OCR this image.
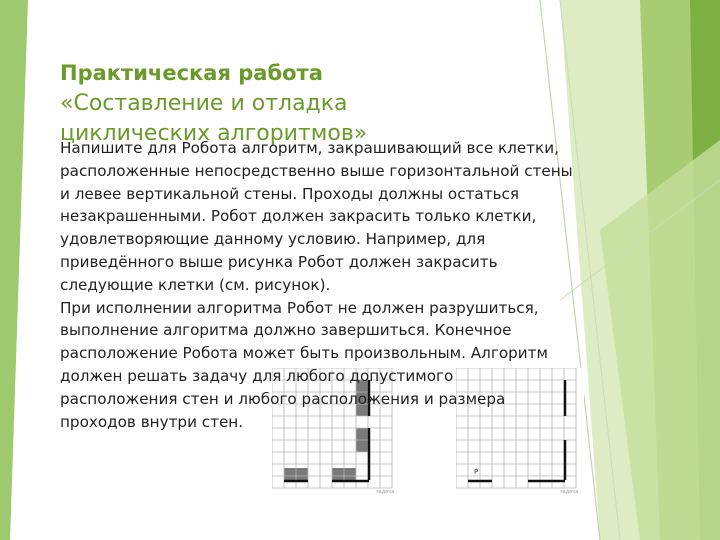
Практическая работа
«Составление и отладка
циклических алгоритмов»
задача
Р
задача
Напишите для Робота алгоритм, закрашивающий все клетки,
расположенные непосредственно выше горизонтальной стены
и левее вертикальной стены. Проходы должны остаться
незакрашенными. Робот должен закрасить только клетки,
удовлетворяющие данному условию. Например, для
приведённого выше рисунка Робот должен закрасить
следующие клетки (см. рисунок).
При исполнении алгоритма Робот не должен разрушиться,
выполнение алгоритма должно завершиться. Конечное
расположение Робота может быть произвольным. Алгоритм
должен решать задачу для любого допустимого
расположения стен и любого расположения и размера
проходов внутри стен.
